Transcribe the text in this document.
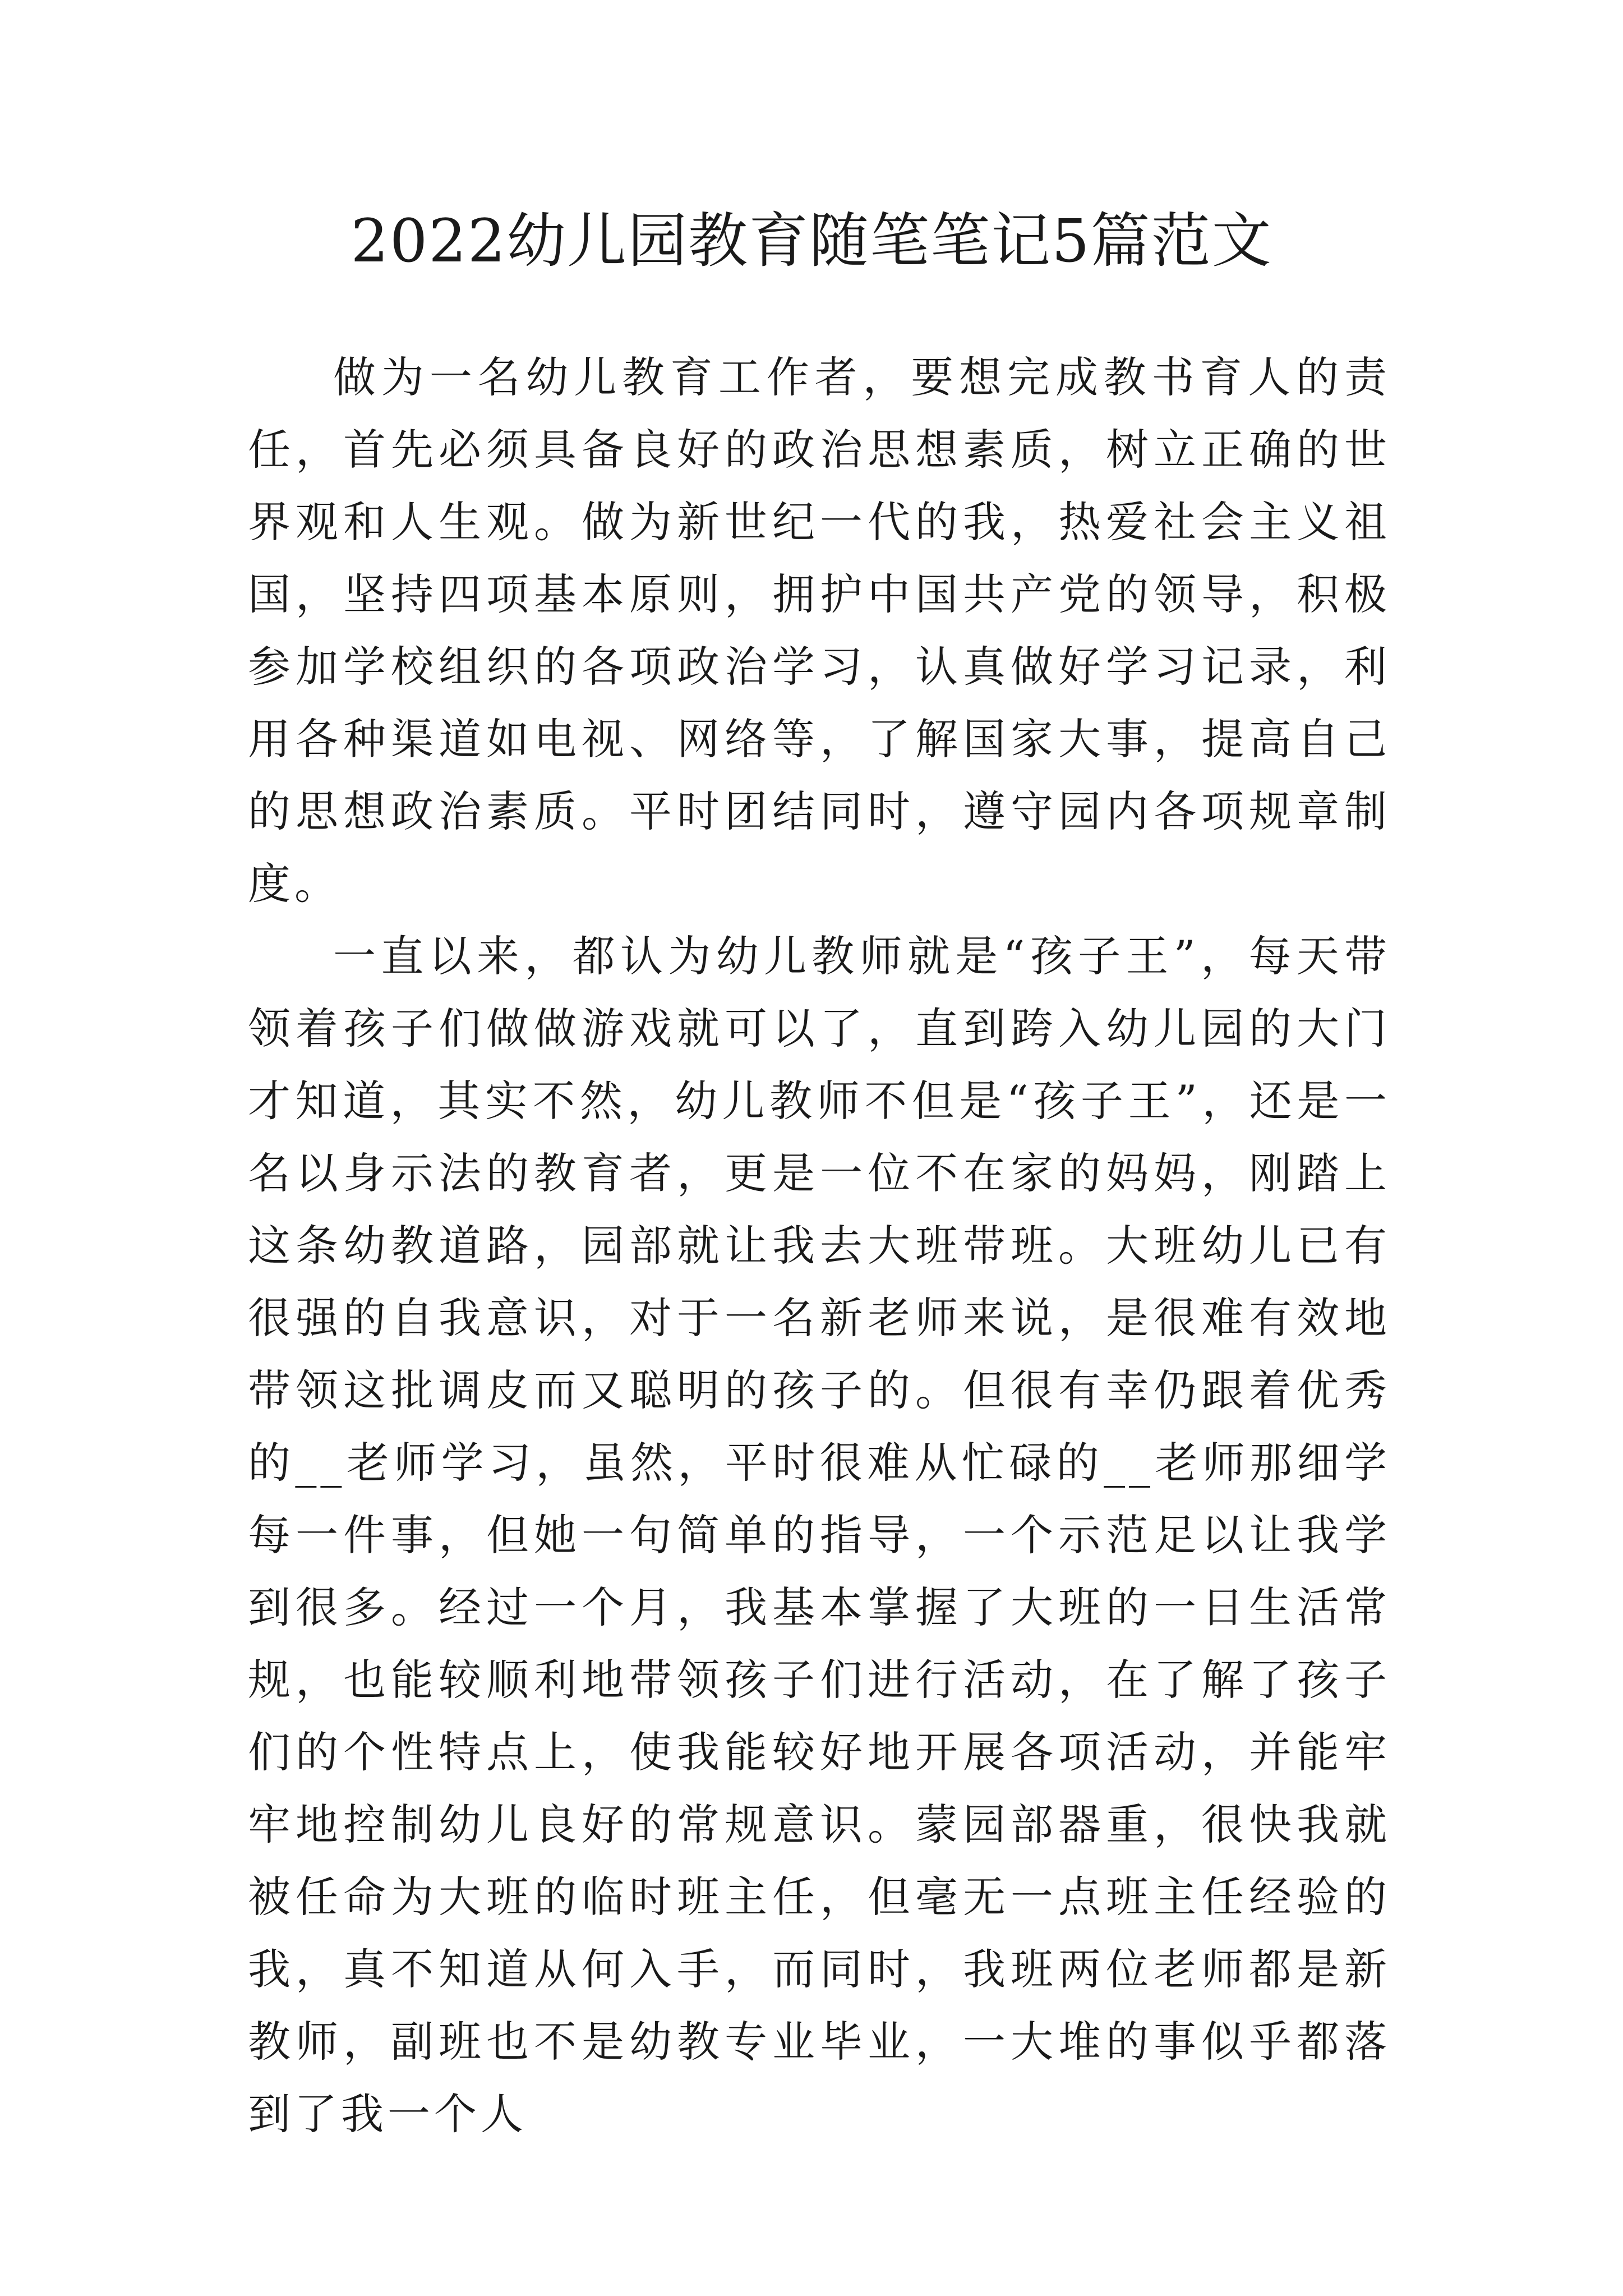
2022幼儿园教育随笔笔记5篇范文

做为一名幼儿教育工作者，要想完成教书育人的责任，首先必须具备良好的政治思想素质，树立正确的世界观和人生观。做为新世纪一代的我，热爱社会主义祖国，坚持四项基本原则，拥护中国共产党的领导，积极参加学校组织的各项政治学习，认真做好学习记录，利用各种渠道如电视、网络等，了解国家大事，提高自己的思想政治素质。平时团结同时，遵守园内各项规章制度。

一直以来，都认为幼儿教师就是“孩子王”，每天带领着孩子们做做游戏就可以了，直到跨入幼儿园的大门才知道，其实不然，幼儿教师不但是“孩子王”，还是一名以身示法的教育者，更是一位不在家的妈妈，刚踏上这条幼教道路，园部就让我去大班带班。大班幼儿已有很强的自我意识，对于一名新老师来说，是很难有效地带领这批调皮而又聪明的孩子的。但很有幸仍跟着优秀的__老师学习，虽然，平时很难从忙碌的__老师那细学每一件事，但她一句简单的指导，一个示范足以让我学到很多。经过一个月，我基本掌握了大班的一日生活常规，也能较顺利地带领孩子们进行活动，在了解了孩子们的个性特点上，使我能较好地开展各项活动，并能牢牢地控制幼儿良好的常规意识。蒙园部器重，很快我就被任命为大班的临时班主任，但毫无一点班主任经验的我，真不知道从何入手，而同时，我班两位老师都是新教师，副班也不是幼教专业毕业，一大堆的事似乎都落到了我一个人
